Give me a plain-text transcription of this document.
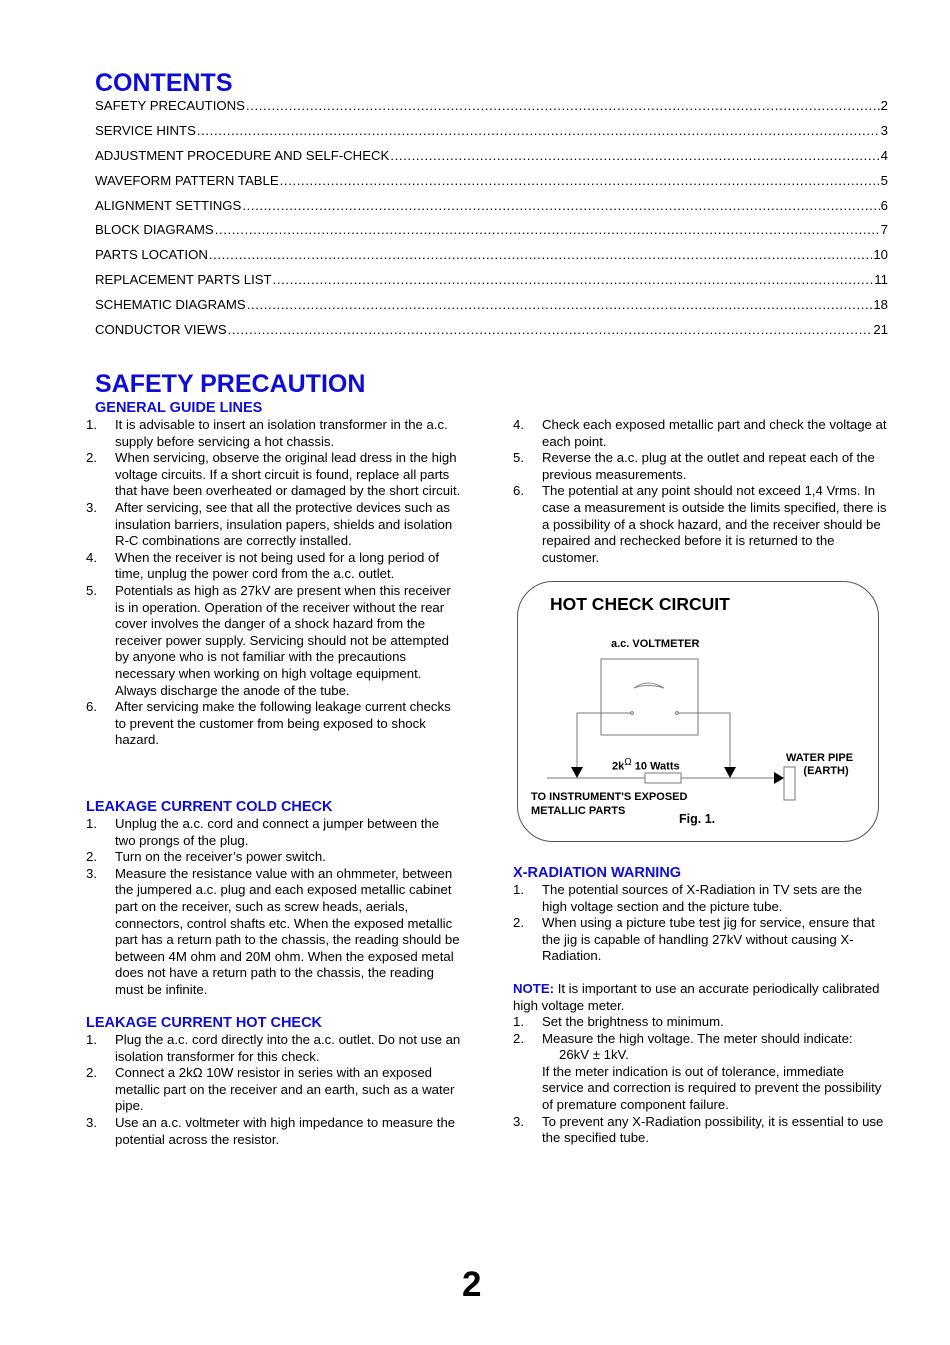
CONTENTS
SAFETY PRECAUTIONS .....	2
SERVICE HINTS .....	3
ADJUSTMENT PROCEDURE AND SELF-CHECK .....	4
WAVEFORM PATTERN TABLE .....	5
ALIGNMENT SETTINGS .....	6
BLOCK DIAGRAMS .....	7
PARTS LOCATION .....	10
REPLACEMENT PARTS LIST .....	11
SCHEMATIC DIAGRAMS .....	18
CONDUCTOR VIEWS .....	21
SAFETY PRECAUTION
GENERAL GUIDE LINES
1.	It is advisable to insert an isolation transformer in the a.c. supply before servicing a hot chassis.
2.	When servicing, observe the original lead dress in the high voltage circuits. If a short circuit is found, replace all parts that have been overheated or damaged by the short circuit.
3.	After servicing, see that all the protective devices such as insulation barriers, insulation papers, shields and isolation R-C combinations are correctly installed.
4.	When the receiver is not being used for a long period of time, unplug the power cord from the a.c. outlet.
5.	Potentials as high as 27kV are present when this receiver is in operation. Operation of the receiver without the rear cover involves the danger of a shock hazard from the receiver power supply. Servicing should not be attempted by anyone who is not familiar with the precautions necessary when working on high voltage equipment. Always discharge the anode of the tube.
6.	After servicing make the following leakage current checks to prevent the customer from being exposed to shock hazard.
LEAKAGE CURRENT COLD CHECK
1.	Unplug the a.c. cord and connect a jumper between the two prongs of the plug.
2.	Turn on the receiver’s power switch.
3.	Measure the resistance value with an ohmmeter, between the jumpered a.c. plug and each exposed metallic cabinet part on the receiver, such as screw heads, aerials, connectors, control shafts etc. When the exposed metallic part has a return path to the chassis, the reading should be between 4M ohm and 20M ohm. When the exposed metal does not have a return path to the chassis, the reading must be infinite.
LEAKAGE CURRENT HOT CHECK
1.	Plug the a.c. cord directly into the a.c. outlet. Do not use an isolation transformer for this check.
2.	Connect a 2kΩ 10W resistor in series with an exposed metallic part on the receiver and an earth, such as a water pipe.
3.	Use an a.c. voltmeter with high impedance to measure the potential across the resistor.
4.	Check each exposed metallic part and check the voltage at each point.
5.	Reverse the a.c. plug at the outlet and repeat each of the previous measurements.
6.	The potential at any point should not exceed 1,4 Vrms. In case a measurement is outside the limits specified, there is a possibility of a shock hazard, and the receiver should be repaired and rechecked before it is returned to the customer.
HOT CHECK CIRCUIT
a.c. VOLTMETER
$2k^\Omega$ 10 Watts
WATER PIPE
(EARTH)
TO INSTRUMENT'S EXPOSED
METALLIC PARTS
Fig. 1.
X-RADIATION WARNING
1.	The potential sources of X-Radiation in TV sets are the high voltage section and the picture tube.
2.	When using a picture tube test jig for service, ensure that the jig is capable of handling 27kV without causing X-Radiation.
NOTE: It is important to use an accurate periodically calibrated high voltage meter.
1.	Set the brightness to minimum.
2.	Measure the high voltage. The meter should indicate:
26kV ± 1kV.
If the meter indication is out of tolerance, immediate service and correction is required to prevent the possibility of premature component failure.
3.	To prevent any X-Radiation possibility, it is essential to use the specified tube.
2
